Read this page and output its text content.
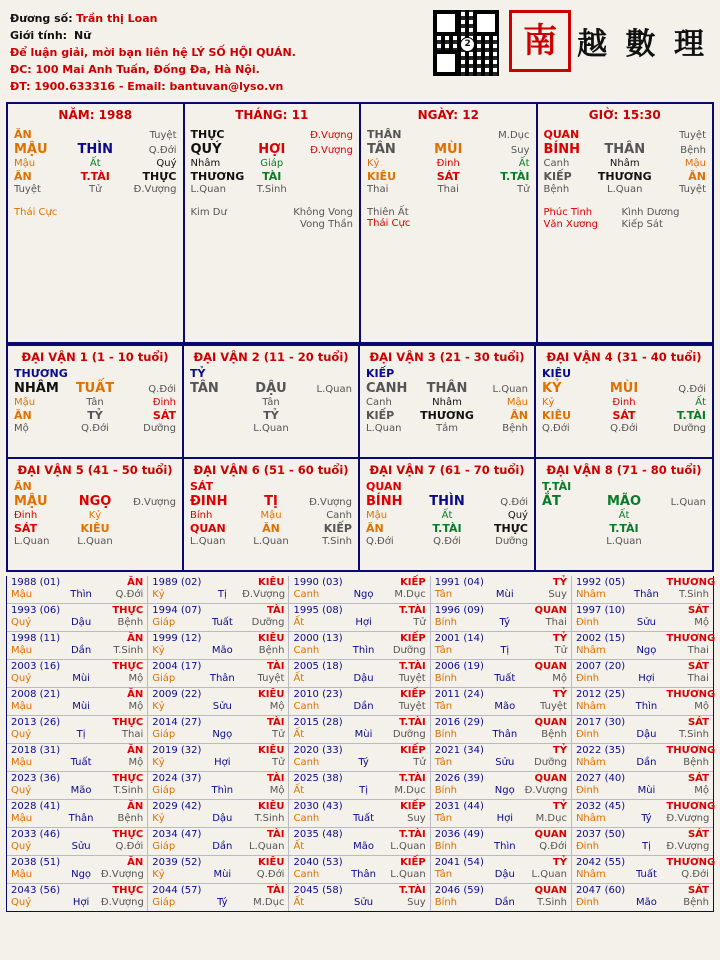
Đương số: Trần thị Loan
Giới tính: Nữ
Để luận giải, mời bạn liên hệ LÝ SỐ HỘI QUÁN.
ĐC: 100 Mai Anh Tuấn, Đống Đa, Hà Nội.
ĐT: 1900.633316 - Email: bantuvan@lyso.vn
2 南 越 數 理
NĂM: 1988
ĂN	Tuyệt
MẬU	THÌN	Q.Đới
Mậu	Ất	Quý
ĂN	T.TÀI	THỰC
Tuyệt	Tử	Đ.Vượng
Thái Cực
THÁNG: 11
THỰC	Đ.Vượng
QUÝ	HỢI	Đ.Vượng
Nhâm	Giáp
THƯƠNG	TÀI
L.Quan	T.Sinh
Kim Dư	Không Vong

Vong Thần
NGÀY: 12
THÂN	M.Dục
TÂN	MÙI	Suy
Kỷ	Đinh	Ất
KIÊU	SÁT	T.TÀI
Thai	Thai	Tử
Thiên Ất
Thái Cực
GIỜ: 15:30
QUAN	Tuyệt
BÍNH	THÂN	Bệnh
Canh	Nhâm	Mậu
KIẾP	THƯƠNG	ĂN
Bệnh	L.Quan	Tuyệt
Phúc Tinh	Kình Dương
Văn Xương	Kiếp Sát
ĐẠI VẬN 1 (1 - 10 tuổi)
THƯƠNG
NHÂM	TUẤT	Q.Đới
Mậu	Tân	Đinh
ĂN	TỶ	SÁT
Mộ	Q.Đới	Dưỡng
ĐẠI VẬN 2 (11 - 20 tuổi)
TỶ
TÂN	DẬU	L.Quan
Tân
TỶ
L.Quan
ĐẠI VẬN 3 (21 - 30 tuổi)
KIẾP
CANH	THÂN	L.Quan
Canh	Nhâm	Mậu
KIẾP	THƯƠNG	ĂN
L.Quan	Tắm	Bệnh
ĐẠI VẬN 4 (31 - 40 tuổi)
KIÊU
KỶ	MÙI	Q.Đới
Kỷ	Đinh	Ất
KIÊU	SÁT	T.TÀI
Q.Đới	Q.Đới	Dưỡng
ĐẠI VẬN 5 (41 - 50 tuổi)
ĂN
MẬU	NGỌ	Đ.Vượng
Đinh	Kỷ
SÁT	KIÊU
L.Quan	L.Quan
ĐẠI VẬN 6 (51 - 60 tuổi)
SÁT
ĐINH	TỊ	Đ.Vượng
Bính	Mậu	Canh
QUAN	ĂN	KIẾP
L.Quan	L.Quan	T.Sinh
ĐẠI VẬN 7 (61 - 70 tuổi)
QUAN
BÍNH	THÌN	Q.Đới
Mậu	Ất	Quý
ĂN	T.TÀI	THỰC
Q.Đới	Q.Đới	Dưỡng
ĐẠI VẬN 8 (71 - 80 tuổi)
T.TÀI
ẮT	MÃO	L.Quan
Ất
T.TÀI
L.Quan
1988 (01)	ĂN
Mậu	Thìn	Q.Đới
1989 (02)	KIÊU
Kỷ	Tị	Đ.Vượng
1990 (03)	KIẾP
Canh	Ngọ	M.Dục
1991 (04)	TỶ
Tân	Mùi	Suy
1992 (05)	THƯƠNG
Nhâm	Thân	T.Sinh
1993 (06)	THỰC
Quý	Dậu	Bệnh
1994 (07)	TÀI
Giáp	Tuất	Dưỡng
1995 (08)	T.TÀI
Ất	Hợi	Tử
1996 (09)	QUAN
Bính	Tý	Thai
1997 (10)	SÁT
Đinh	Sửu	Mộ
1998 (11)	ĂN
Mậu	Dần	T.Sinh
1999 (12)	KIÊU
Kỷ	Mão	Bệnh
2000 (13)	KIẾP
Canh	Thìn	Dưỡng
2001 (14)	TỶ
Tân	Tị	Tử
2002 (15)	THƯƠNG
Nhâm	Ngọ	Thai
2003 (16)	THỰC
Quý	Mùi	Mộ
2004 (17)	TÀI
Giáp	Thân	Tuyệt
2005 (18)	T.TÀI
Ất	Dậu	Tuyệt
2006 (19)	QUAN
Bính	Tuất	Mộ
2007 (20)	SÁT
Đinh	Hợi	Thai
2008 (21)	ĂN
Mậu	Mùi	Mộ
2009 (22)	KIÊU
Kỷ	Sửu	Mộ
2010 (23)	KIẾP
Canh	Dần	Tuyệt
2011 (24)	TỶ
Tân	Mão	Tuyệt
2012 (25)	THƯƠNG
Nhâm	Thìn	Mộ
2013 (26)	THỰC
Quý	Tị	Thai
2014 (27)	TÀI
Giáp	Ngọ	Tử
2015 (28)	T.TÀI
Ất	Mùi	Dưỡng
2016 (29)	QUAN
Bính	Thân	Bệnh
2017 (30)	SÁT
Đinh	Dậu	T.Sinh
2018 (31)	ĂN
Mậu	Tuất	Mộ
2019 (32)	KIÊU
Kỷ	Hợi	Tử
2020 (33)	KIẾP
Canh	Tý	Tử
2021 (34)	TỶ
Tân	Sửu	Dưỡng
2022 (35)	THƯƠNG
Nhâm	Dần	Bệnh
2023 (36)	THỰC
Quý	Mão	T.Sinh
2024 (37)	TÀI
Giáp	Thìn	Mộ
2025 (38)	T.TÀI
Ất	Tị	M.Dục
2026 (39)	QUAN
Bính	Ngọ Đ.Vượng
2027 (40)	SÁT
Đinh	Mùi	Mộ
2028 (41)	ĂN
Mậu	Thân	Bệnh
2029 (42)	KIÊU
Kỷ	Dậu	T.Sinh
2030 (43)	KIẾP
Canh	Tuất	Suy
2031 (44)	TỶ
Tân	Hợi	M.Dục
2032 (45)	THƯƠNG
Nhâm	Tý	Đ.Vượng
2033 (46)	THỰC
Quý	Sửu	Q.Đới
2034 (47)	TÀI
Giáp	Dần	L.Quan
2035 (48)	T.TÀI
Ất	Mão	L.Quan
2036 (49)	QUAN
Bính	Thìn	Q.Đới
2037 (50)	SÁT
Đinh	Tị	Đ.Vượng
2038 (51)	ĂN
Mậu	Ngọ Đ.Vượng
2039 (52)	KIÊU
Kỷ	Mùi	Q.Đới
2040 (53)	KIẾP
Canh	Thân	L.Quan
2041 (54)	TỶ
Tân	Dậu	L.Quan
2042 (55)	THƯƠNG
Nhâm	Tuất	Q.Đới
2043 (56)	THỰC
Quý	Hợi	Đ.Vượng
2044 (57)	TÀI
Giáp	Tý	M.Dục
2045 (58)	T.TÀI
Ất	Sửu	Suy
2046 (59)	QUAN
Bính	Dần	T.Sinh
2047 (60)	SÁT
Đinh	Mão	Bệnh
